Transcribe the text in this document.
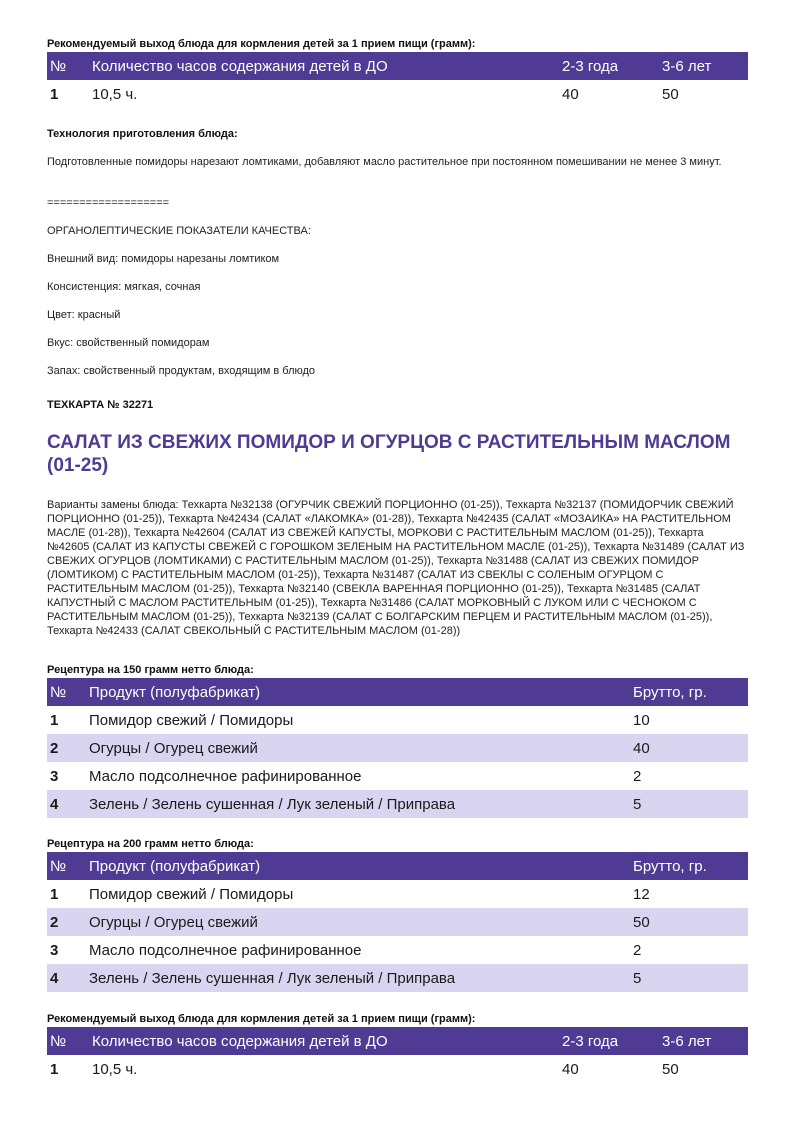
Рекомендуемый выход блюда для кормления детей за 1 прием пищи (грамм):
№	Количество часов содержания детей в ДО	2-3 года	3-6 лет
1	10,5 ч.	40	50
Технология приготовления блюда:
Подготовленные помидоры нарезают ломтиками, добавляют масло растительное при постоянном помешивании не менее 3 минут.
===================
ОРГАНОЛЕПТИЧЕСКИЕ ПОКАЗАТЕЛИ КАЧЕСТВА:
Внешний вид: помидоры нарезаны ломтиком
Консистенция: мягкая, сочная
Цвет: красный
Вкус: свойственный помидорам
Запах: свойственный продуктам, входящим в блюдо
ТЕХКАРТА № 32271
САЛАТ ИЗ СВЕЖИХ ПОМИДОР И ОГУРЦОВ С РАСТИТЕЛЬНЫМ МАСЛОМ (01-25)
Варианты замены блюда: Техкарта №32138 (ОГУРЧИК СВЕЖИЙ ПОРЦИОННО (01-25)), Техкарта №32137 (ПОМИДОРЧИК СВЕЖИЙ ПОРЦИОННО (01-25)), Техкарта №42434 (САЛАТ «ЛАКОМКА» (01-28)), Техкарта №42435 (САЛАТ «МОЗАИКА» НА РАСТИТЕЛЬНОМ МАСЛЕ (01-28)), Техкарта №42604 (САЛАТ ИЗ СВЕЖЕЙ КАПУСТЫ, МОРКОВИ С РАСТИТЕЛЬНЫМ МАСЛОМ (01-25)), Техкарта №42605 (САЛАТ ИЗ КАПУСТЫ СВЕЖЕЙ С ГОРОШКОМ ЗЕЛЕНЫМ НА РАСТИТЕЛЬНОМ МАСЛЕ (01-25)), Техкарта №31489 (САЛАТ ИЗ СВЕЖИХ ОГУРЦОВ (ЛОМТИКАМИ) С РАСТИТЕЛЬНЫМ МАСЛОМ (01-25)), Техкарта №31488 (САЛАТ ИЗ СВЕЖИХ ПОМИДОР (ЛОМТИКОМ) С РАСТИТЕЛЬНЫМ МАСЛОМ (01-25)), Техкарта №31487 (САЛАТ ИЗ СВЕКЛЫ С СОЛЕНЫМ ОГУРЦОМ С РАСТИТЕЛЬНЫМ МАСЛОМ (01-25)), Техкарта №32140 (СВЕКЛА ВАРЕННАЯ ПОРЦИОННО (01-25)), Техкарта №31485 (САЛАТ КАПУСТНЫЙ С МАСЛОМ РАСТИТЕЛЬНЫМ (01-25)), Техкарта №31486 (САЛАТ МОРКОВНЫЙ С ЛУКОМ ИЛИ С ЧЕСНОКОМ С РАСТИТЕЛЬНЫМ МАСЛОМ (01-25)), Техкарта №32139 (САЛАТ С БОЛГАРСКИМ ПЕРЦЕМ И РАСТИТЕЛЬНЫМ МАСЛОМ (01-25)), Техкарта №42433 (САЛАТ СВЕКОЛЬНЫЙ С РАСТИТЕЛЬНЫМ МАСЛОМ (01-28))
Рецептура на 150 грамм нетто блюда:
№	Продукт (полуфабрикат)	Брутто, гр.
1	Помидор свежий / Помидоры	10
2	Огурцы / Огурец свежий	40
3	Масло подсолнечное рафинированное	2
4	Зелень / Зелень сушенная / Лук зеленый / Приправа	5
Рецептура на 200 грамм нетто блюда:
№	Продукт (полуфабрикат)	Брутто, гр.
1	Помидор свежий / Помидоры	12
2	Огурцы / Огурец свежий	50
3	Масло подсолнечное рафинированное	2
4	Зелень / Зелень сушенная / Лук зеленый / Приправа	5
Рекомендуемый выход блюда для кормления детей за 1 прием пищи (грамм):
№	Количество часов содержания детей в ДО	2-3 года	3-6 лет
1	10,5 ч.	40	50
